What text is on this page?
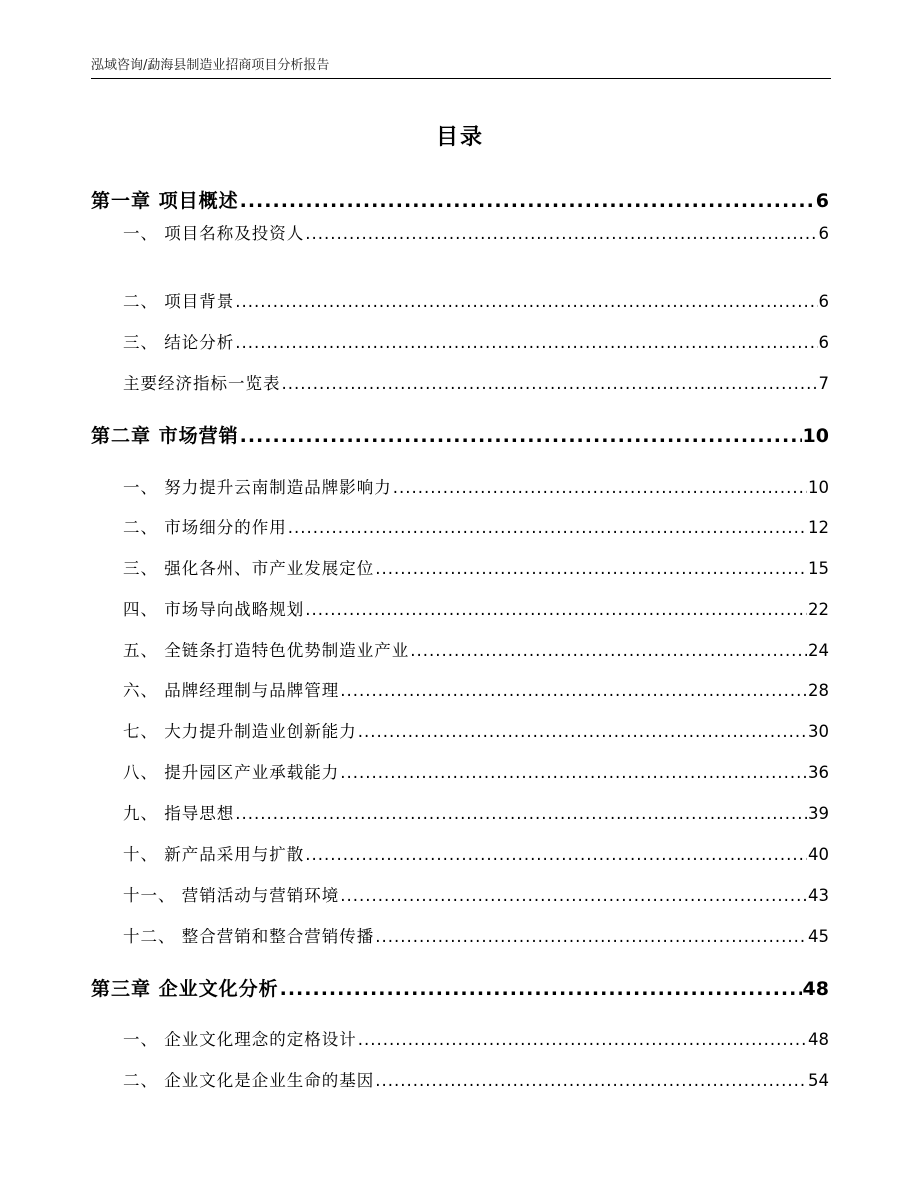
泓域咨询/勐海县制造业招商项目分析报告
目录
第一章 项目概述 .....	6
一、 项目名称及投资人 .....	6
二、 项目背景 .....	6
三、 结论分析 .....	6
主要经济指标一览表 .....	7
第二章 市场营销 .....	10
一、 努力提升云南制造品牌影响力 .....	10
二、 市场细分的作用 .....	12
三、 强化各州、市产业发展定位 .....	15
四、 市场导向战略规划 .....	22
五、 全链条打造特色优势制造业产业 .....	24
六、 品牌经理制与品牌管理 .....	28
七、 大力提升制造业创新能力 .....	30
八、 提升园区产业承载能力 .....	36
九、 指导思想 .....	39
十、 新产品采用与扩散 .....	40
十一、 营销活动与营销环境 .....	43
十二、 整合营销和整合营销传播 .....	45
第三章 企业文化分析 .....	48
一、 企业文化理念的定格设计 .....	48
二、 企业文化是企业生命的基因 .....	54
